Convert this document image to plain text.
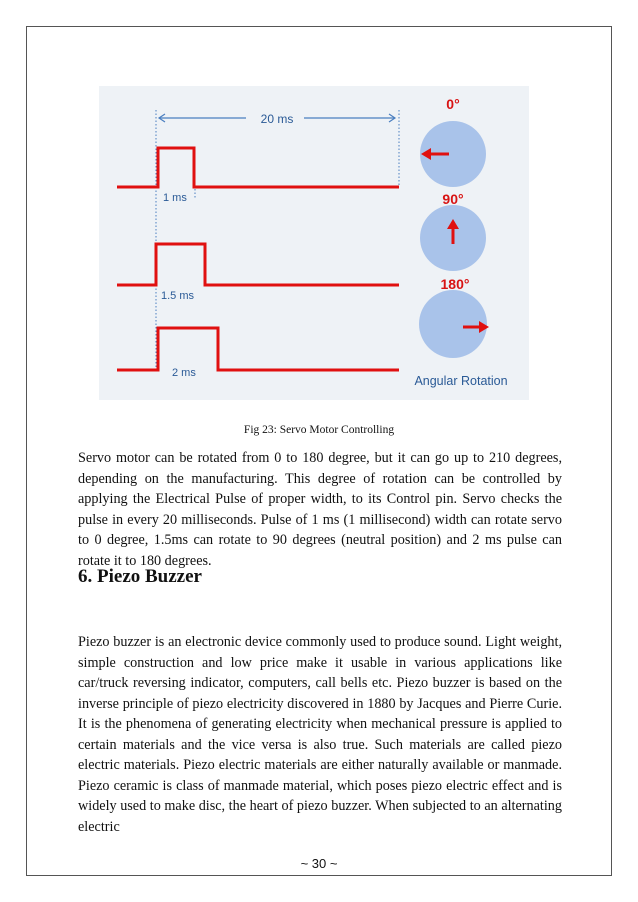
20 ms
1 ms
1.5 ms
2 ms
0°
90°
180°
Angular Rotation
Fig 23: Servo Motor Controlling

Servo motor can be rotated from 0 to 180 degree, but it can go up to 210 degrees, depending on the manufacturing. This degree of rotation can be controlled by applying the Electrical Pulse of proper width, to its Control pin. Servo checks the pulse in every 20 milliseconds. Pulse of 1 ms (1 millisecond) width can rotate servo to 0 degree, 1.5ms can rotate to 90 degrees (neutral position) and 2 ms pulse can rotate it to 180 degrees.

6. Piezo Buzzer

Piezo buzzer is an electronic device commonly used to produce sound. Light weight, simple construction and low price make it usable in various applications like car/truck reversing indicator, computers, call bells etc. Piezo buzzer is based on the inverse principle of piezo electricity discovered in 1880 by Jacques and Pierre Curie. It is the phenomena of generating electricity when mechanical pressure is applied to certain materials and the vice versa is also true. Such materials are called piezo electric materials. Piezo electric materials are either naturally available or manmade. Piezo ceramic is class of manmade material, which poses piezo electric effect and is widely used to make disc, the heart of piezo buzzer. When subjected to an alternating electric

~ 30 ~
